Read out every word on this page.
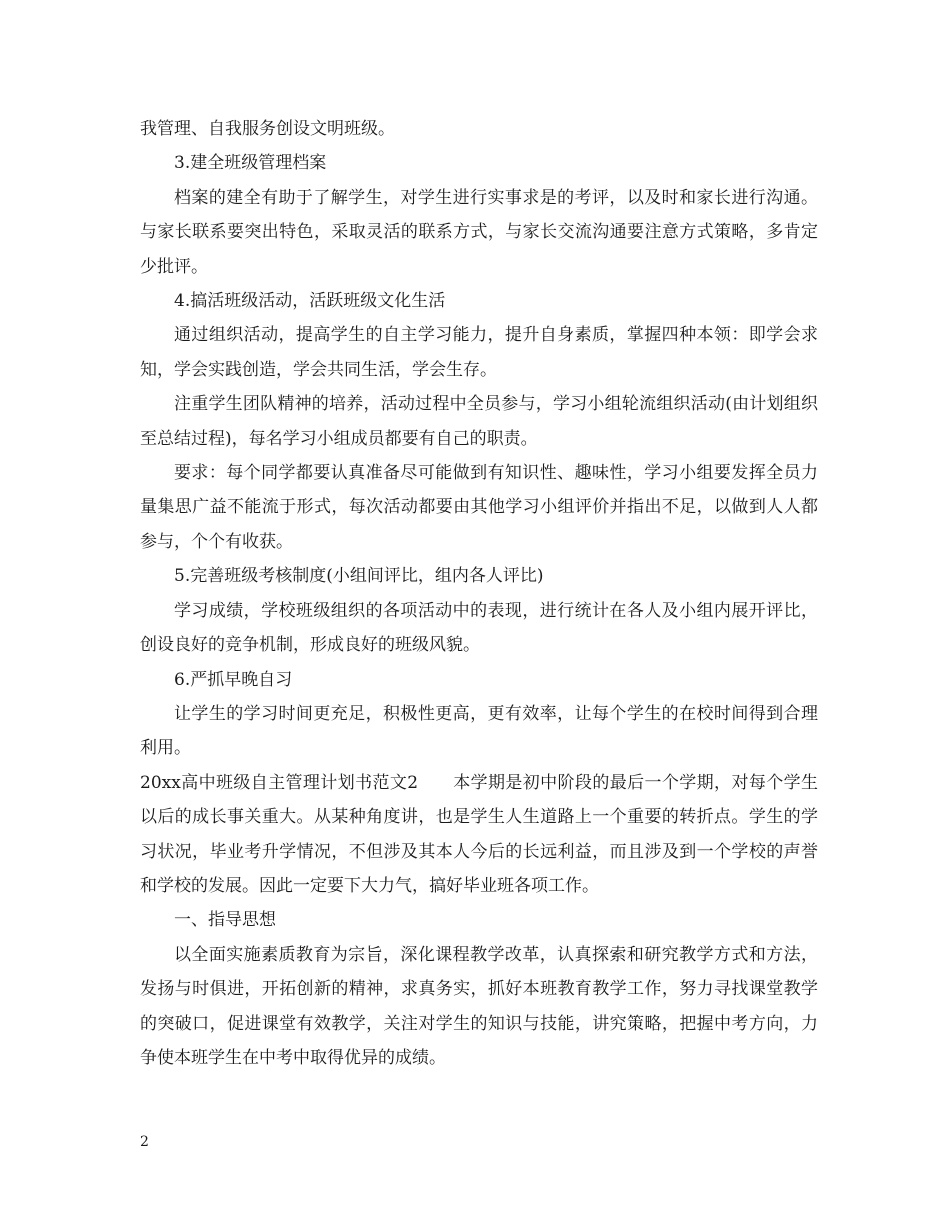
我管理、自我服务创设文明班级。

3.建全班级管理档案

档案的建全有助于了解学生，对学生进行实事求是的考评，以及时和家长进行沟通。与家长联系要突出特色，采取灵活的联系方式，与家长交流沟通要注意方式策略，多肯定少批评。

4.搞活班级活动，活跃班级文化生活

通过组织活动，提高学生的自主学习能力，提升自身素质，掌握四种本领：即学会求知，学会实践创造，学会共同生活，学会生存。

注重学生团队精神的培养，活动过程中全员参与，学习小组轮流组织活动(由计划组织至总结过程)，每名学习小组成员都要有自己的职责。

要求：每个同学都要认真准备尽可能做到有知识性、趣味性，学习小组要发挥全员力量集思广益不能流于形式，每次活动都要由其他学习小组评价并指出不足，以做到人人都参与，个个有收获。

5.完善班级考核制度(小组间评比，组内各人评比)

学习成绩，学校班级组织的各项活动中的表现，进行统计在各人及小组内展开评比，创设良好的竞争机制，形成良好的班级风貌。

6.严抓早晚自习

让学生的学习时间更充足，积极性更高，更有效率，让每个学生的在校时间得到合理利用。

20xx高中班级自主管理计划书范文2　　本学期是初中阶段的最后一个学期，对每个学生以后的成长事关重大。从某种角度讲，也是学生人生道路上一个重要的转折点。学生的学习状况，毕业考升学情况，不但涉及其本人今后的长远利益，而且涉及到一个学校的声誉和学校的发展。因此一定要下大力气，搞好毕业班各项工作。

一、指导思想

以全面实施素质教育为宗旨，深化课程教学改革，认真探索和研究教学方式和方法，发扬与时俱进，开拓创新的精神，求真务实，抓好本班教育教学工作，努力寻找课堂教学的突破口，促进课堂有效教学，关注对学生的知识与技能，讲究策略，把握中考方向，力争使本班学生在中考中取得优异的成绩。

2
